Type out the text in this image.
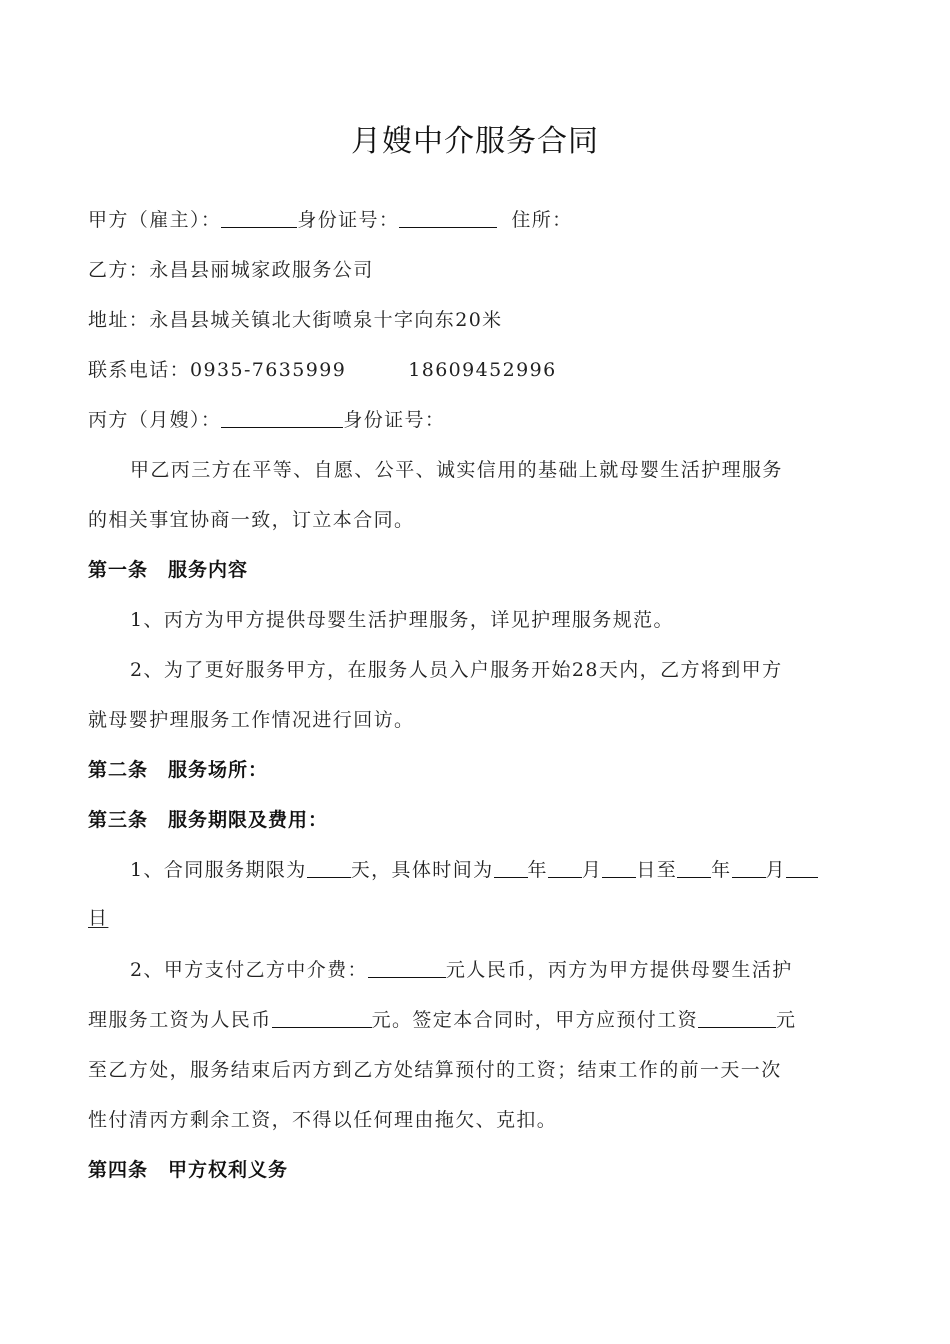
月嫂中介服务合同
甲方（雇主）：	身份证号：	住所：
乙方：永昌县丽城家政服务公司
地址：永昌县城关镇北大街喷泉十字向东20米
联系电话：0935-7635999	18609452996
丙方（月嫂）：	身份证号：
甲乙丙三方在平等、自愿、公平、诚实信用的基础上就母婴生活护理服务
的相关事宜协商一致，订立本合同。
第一条　服务内容
1、丙方为甲方提供母婴生活护理服务，详见护理服务规范。
2、为了更好服务甲方，在服务人员入户服务开始28天内，乙方将到甲方
就母婴护理服务工作情况进行回访。
第二条　服务场所：
第三条　服务期限及费用：
1、合同服务期限为 天，具体时间为 年 月 日至 年 月
日
2、甲方支付乙方中介费：	元人民币，丙方为甲方提供母婴生活护
理服务工资为人民币	元。签定本合同时，甲方应预付工资	元
至乙方处，服务结束后丙方到乙方处结算预付的工资；结束工作的前一天一次
性付清丙方剩余工资，不得以任何理由拖欠、克扣。
第四条　甲方权利义务
